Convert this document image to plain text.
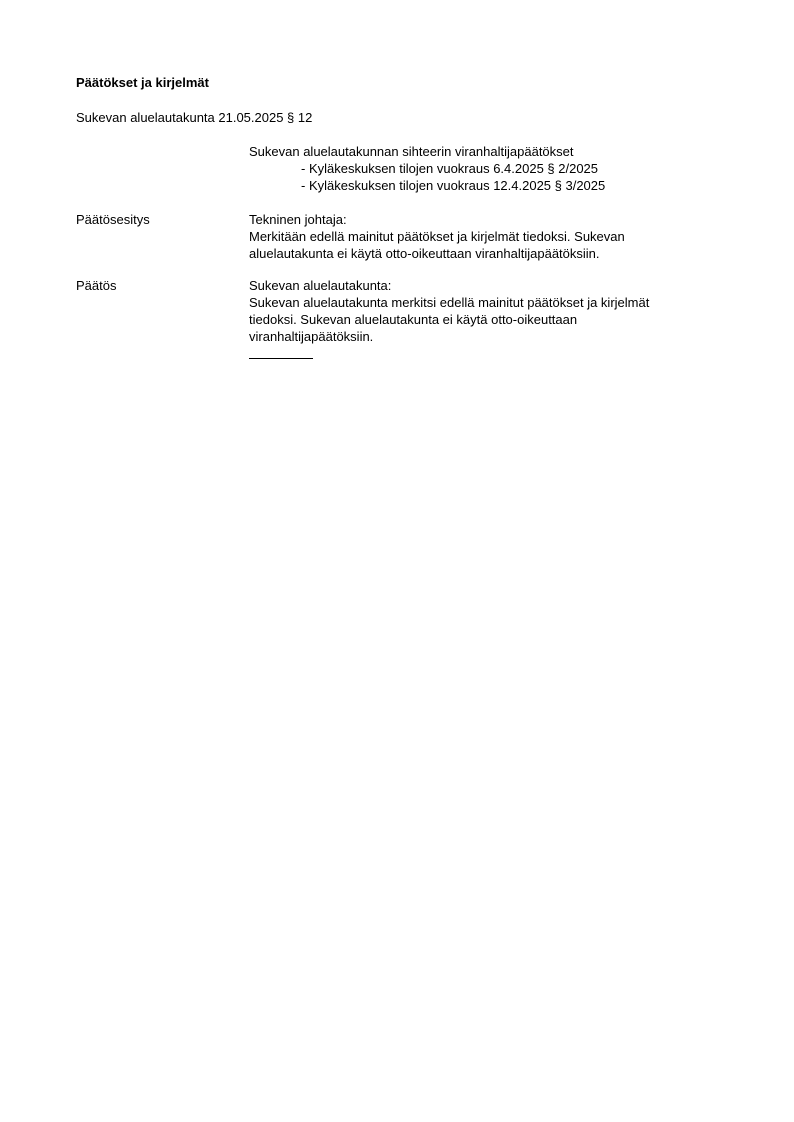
Päätökset ja kirjelmät
Sukevan aluelautakunta 21.05.2025 § 12
Sukevan aluelautakunnan sihteerin viranhaltijapäätökset
- Kyläkeskuksen tilojen vuokraus 6.4.2025 § 2/2025
- Kyläkeskuksen tilojen vuokraus 12.4.2025 § 3/2025
Päätösesitys	Tekninen johtaja:
Merkitään edellä mainitut päätökset ja kirjelmät tiedoksi. Sukevan
aluelautakunta ei käytä otto-oikeuttaan viranhaltijapäätöksiin.
Päätös	Sukevan aluelautakunta:
Sukevan aluelautakunta merkitsi edellä mainitut päätökset ja kirjelmät
tiedoksi. Sukevan aluelautakunta ei käytä otto-oikeuttaan
viranhaltijapäätöksiin.
